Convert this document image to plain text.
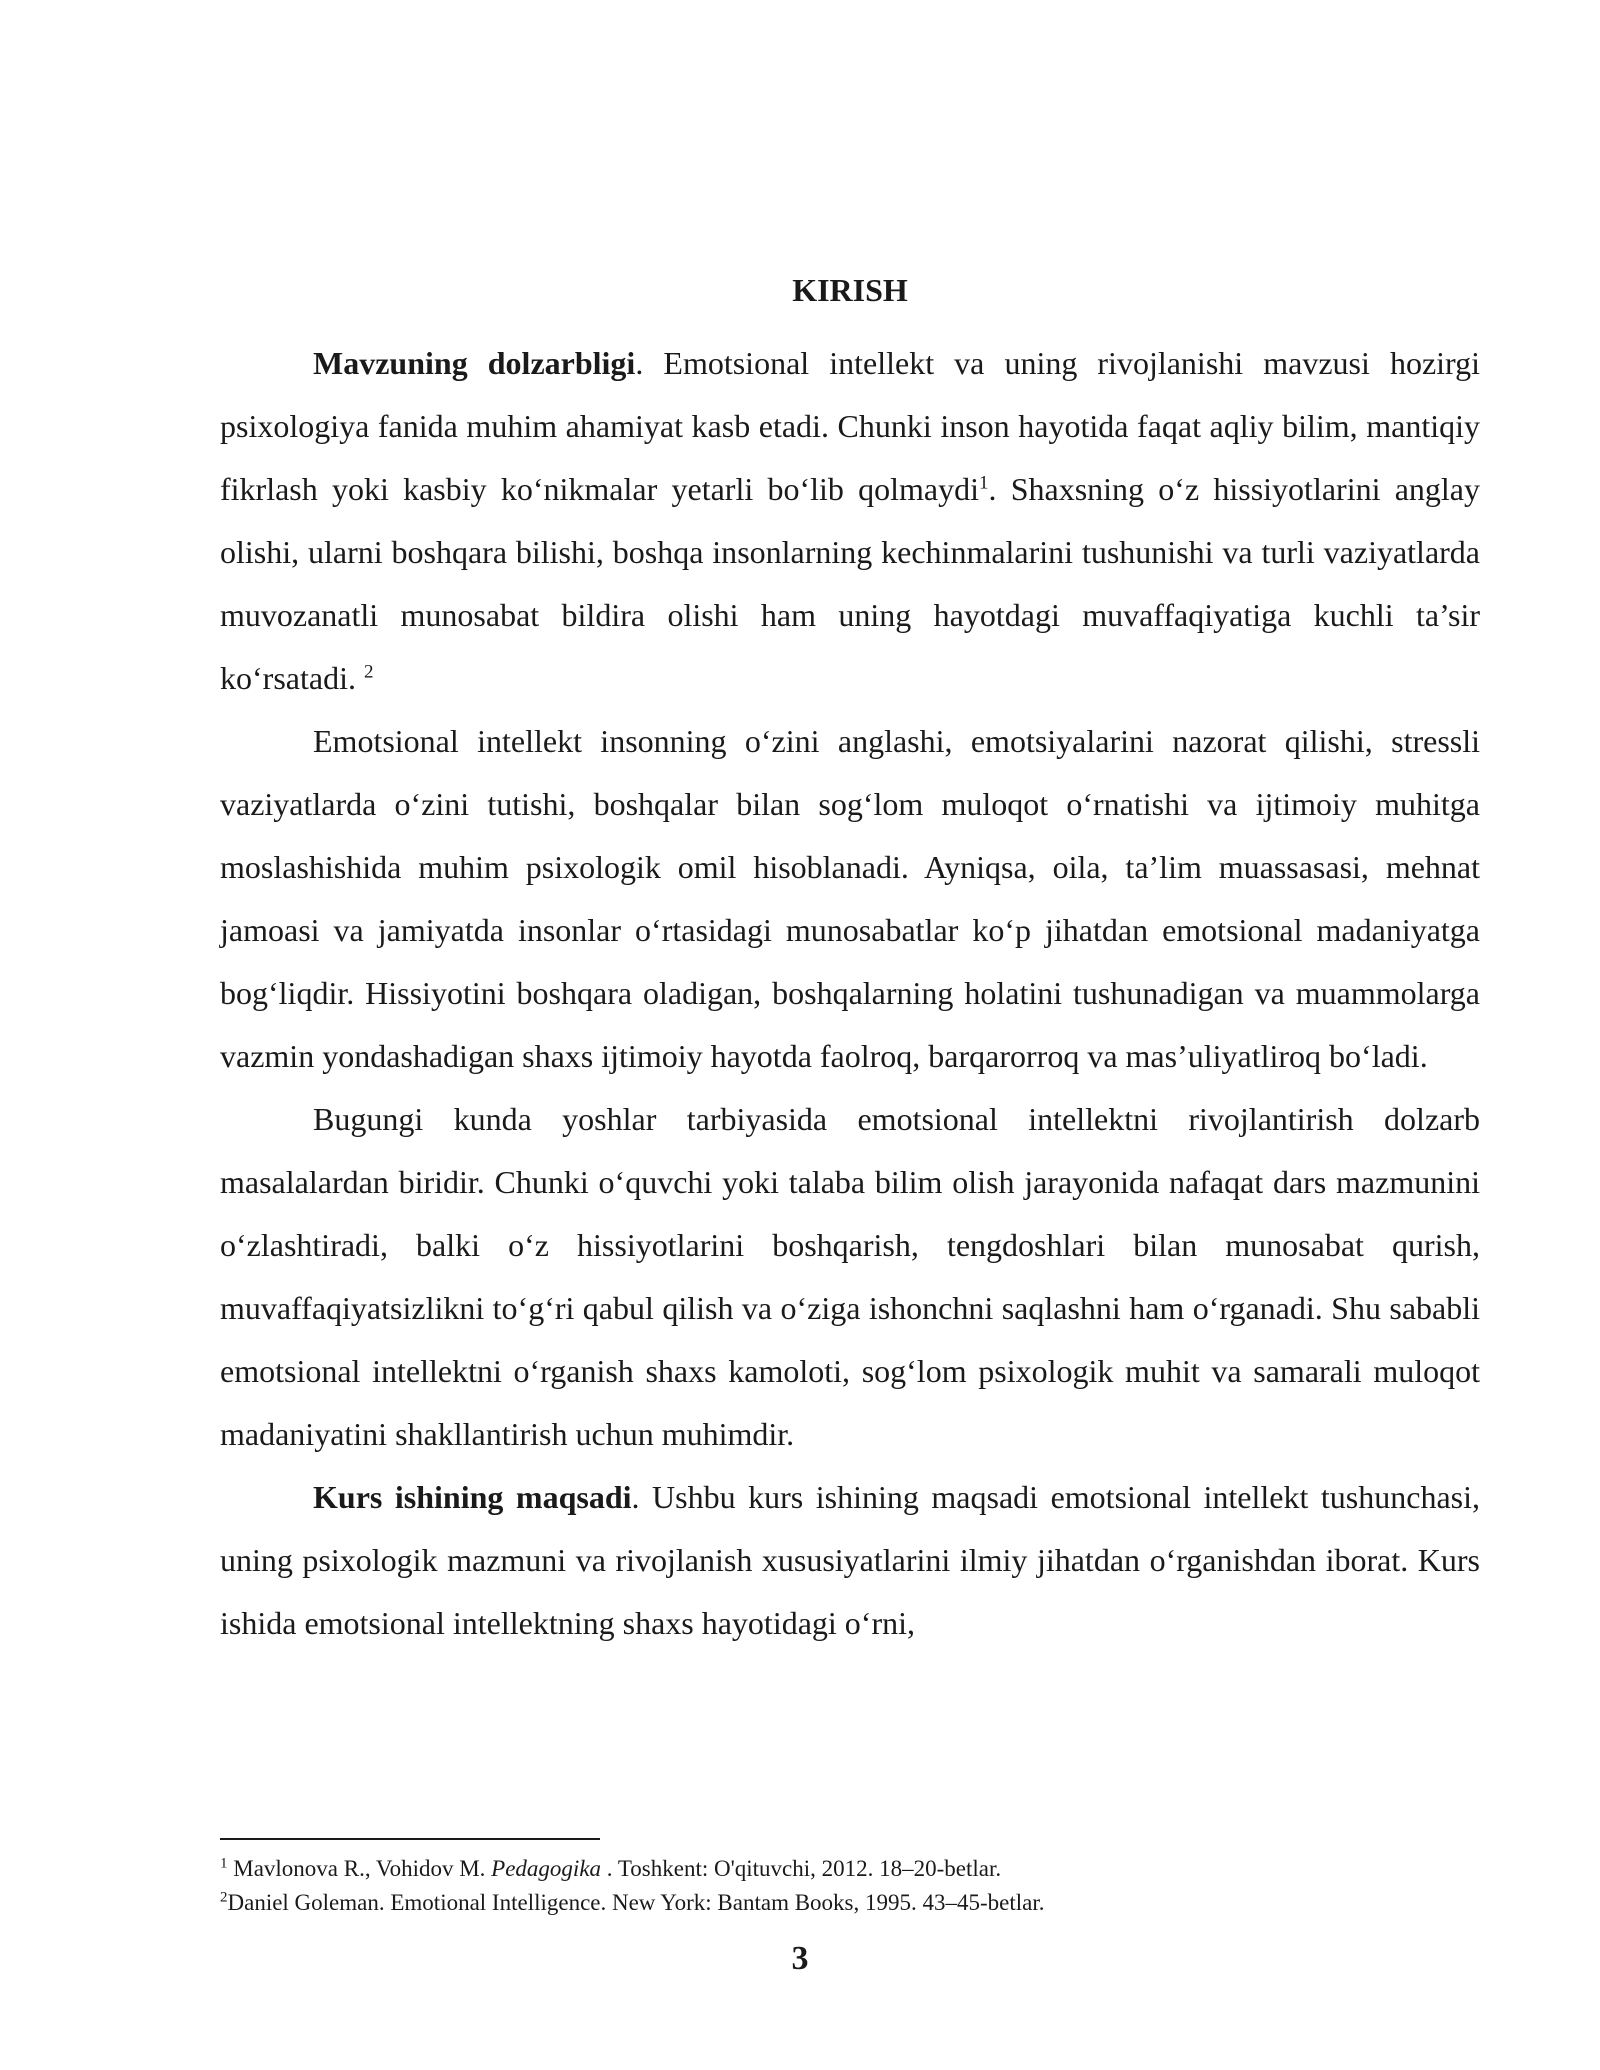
KIRISH

Mavzuning dolzarbligi. Emotsional intellekt va uning rivojlanishi mavzusi hozirgi psixologiya fanida muhim ahamiyat kasb etadi. Chunki inson hayotida faqat aqliy bilim, mantiqiy fikrlash yoki kasbiy ko‘nikmalar yetarli bo‘lib qolmaydi$^1$. Shaxsning o‘z hissiyotlarini anglay olishi, ularni boshqara bilishi, boshqa insonlarning kechinmalarini tushunishi va turli vaziyatlarda muvozanatli munosabat bildira olishi ham uning hayotdagi muvaffaqiyatiga kuchli ta’sir ko‘rsatadi. $^2$

Emotsional intellekt insonning o‘zini anglashi, emotsiyalarini nazorat qilishi, stressli vaziyatlarda o‘zini tutishi, boshqalar bilan sog‘lom muloqot o‘rnatishi va ijtimoiy muhitga moslashishida muhim psixologik omil hisoblanadi. Ayniqsa, oila, ta’lim muassasasi, mehnat jamoasi va jamiyatda insonlar o‘rtasidagi munosabatlar ko‘p jihatdan emotsional madaniyatga bog‘liqdir. Hissiyotini boshqara oladigan, boshqalarning holatini tushunadigan va muammolarga vazmin yondashadigan shaxs ijtimoiy hayotda faolroq, barqarorroq va mas’uliyatliroq bo‘ladi.

Bugungi kunda yoshlar tarbiyasida emotsional intellektni rivojlantirish dolzarb masalalardan biridir. Chunki o‘quvchi yoki talaba bilim olish jarayonida nafaqat dars mazmunini o‘zlashtiradi, balki o‘z hissiyotlarini boshqarish, tengdoshlari bilan munosabat qurish, muvaffaqiyatsizlikni to‘g‘ri qabul qilish va o‘ziga ishonchni saqlashni ham o‘rganadi. Shu sababli emotsional intellektni o‘rganish shaxs kamoloti, sog‘lom psixologik muhit va samarali muloqot madaniyatini shakllantirish uchun muhimdir.

Kurs ishining maqsadi. Ushbu kurs ishining maqsadi emotsional intellekt tushunchasi, uning psixologik mazmuni va rivojlanish xususiyatlarini ilmiy jihatdan o‘rganishdan iborat. Kurs ishida emotsional intellektning shaxs hayotidagi o‘rni,

$^1$ Mavlonova R., Vohidov M. Pedagogika . Toshkent: O'qituvchi, 2012. 18–20-betlar.

$^2$Daniel Goleman. Emotional Intelligence. New York: Bantam Books, 1995. 43–45-betlar.

3
